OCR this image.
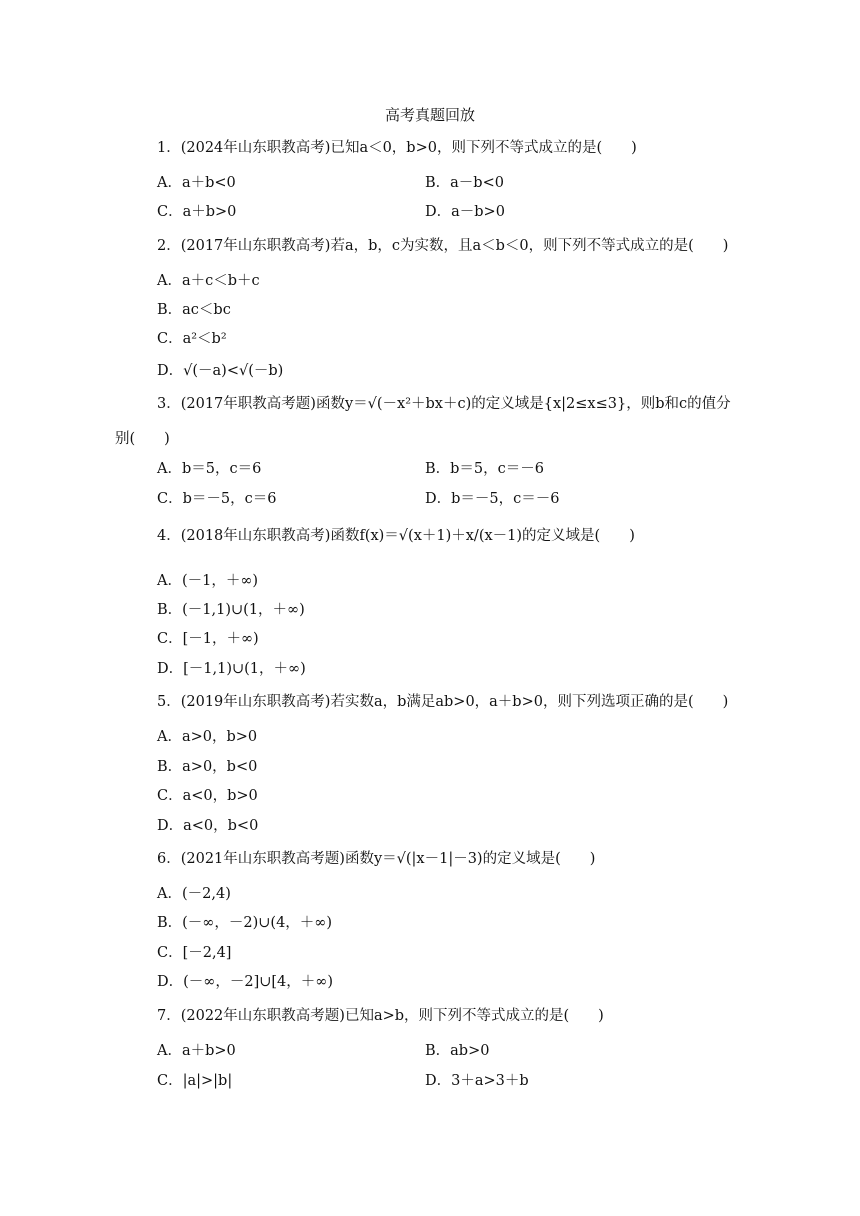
高考真题回放
1．(2024年山东职教高考)已知a＜0，b>0，则下列不等式成立的是(　　)
A．a＋b<0	B．a－b<0
C．a＋b>0	D．a－b>0
2．(2017年山东职教高考)若a，b，c为实数，且a＜b＜0，则下列不等式成立的是(　　)
A．a＋c＜b＋c
B．ac＜bc
C．a²＜b²
D．√(－a)<√(－b)
3．(2017年职教高考题)函数y＝√(－x²＋bx＋c)的定义域是{x|2≤x≤3}，则b和c的值分
别(　　)
A．b＝5，c＝6	B．b＝5，c＝－6
C．b＝－5，c＝6	D．b＝－5，c＝－6
4．(2018年山东职教高考)函数f(x)＝√(x＋1)＋x/(x－1)的定义域是(　　)
A．(－1，＋∞)
B．(－1,1)∪(1，＋∞)
C．[－1，＋∞)
D．[－1,1)∪(1，＋∞)
5．(2019年山东职教高考)若实数a，b满足ab>0，a＋b>0，则下列选项正确的是(　　)
A．a>0，b>0
B．a>0，b<0
C．a<0，b>0
D．a<0，b<0
6．(2021年山东职教高考题)函数y＝√(|x－1|－3)的定义域是(　　)
A．(－2,4)
B．(－∞，－2)∪(4，＋∞)
C．[－2,4]
D．(－∞，－2]∪[4，＋∞)
7．(2022年山东职教高考题)已知a>b，则下列不等式成立的是(　　)
A．a＋b>0	B．ab>0
C．|a|>|b|	D．3＋a>3＋b
